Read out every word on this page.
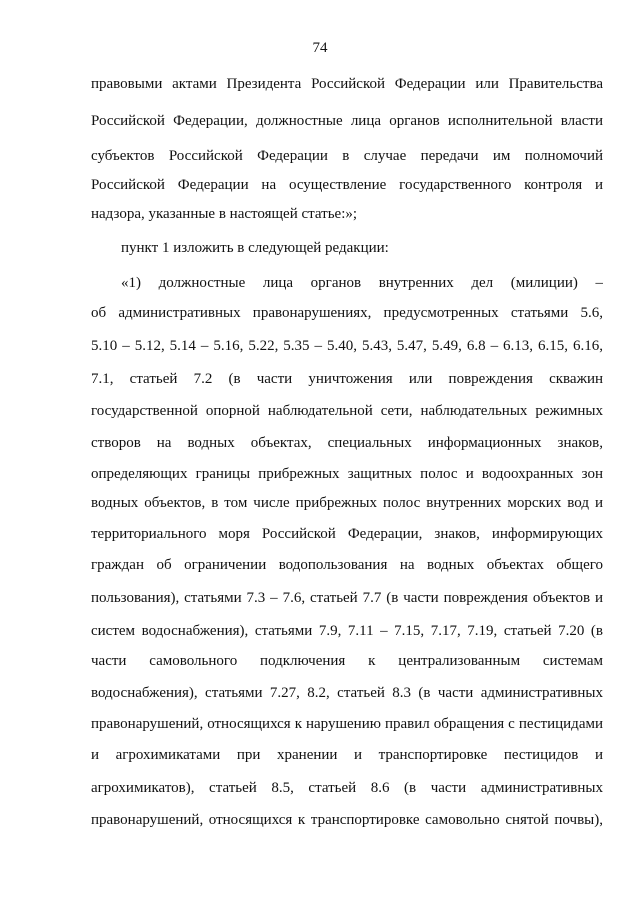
74
правовыми актами Президента Российской Федерации или Правительства
Российской Федерации, должностные лица органов исполнительной власти
субъектов Российской Федерации в случае передачи им полномочий
Российской Федерации на осуществление государственного контроля и
надзора, указанные в настоящей статье:»;
пункт 1 изложить в следующей редакции:
«1) должностные лица органов внутренних дел (милиции) –
об административных правонарушениях, предусмотренных статьями 5.6,
5.10 – 5.12, 5.14 – 5.16, 5.22, 5.35 – 5.40, 5.43, 5.47, 5.49, 6.8 – 6.13, 6.15, 6.16,
7.1, статьей 7.2 (в части уничтожения или повреждения скважин
государственной опорной наблюдательной сети, наблюдательных режимных
створов на водных объектах, специальных информационных знаков,
определяющих границы прибрежных защитных полос и водоохранных зон
водных объектов, в том числе прибрежных полос внутренних морских вод и
территориального моря Российской Федерации, знаков, информирующих
граждан об ограничении водопользования на водных объектах общего
пользования), статьями 7.3 – 7.6, статьей 7.7 (в части повреждения объектов и
систем водоснабжения), статьями 7.9, 7.11 – 7.15, 7.17, 7.19, статьей 7.20 (в
части самовольного подключения к централизованным системам
водоснабжения), статьями 7.27, 8.2, статьей 8.3 (в части административных
правонарушений, относящихся к нарушению правил обращения с пестицидами
и агрохимикатами при хранении и транспортировке пестицидов и
агрохимикатов), статьей 8.5, статьей 8.6 (в части административных
правонарушений, относящихся к транспортировке самовольно снятой почвы),
